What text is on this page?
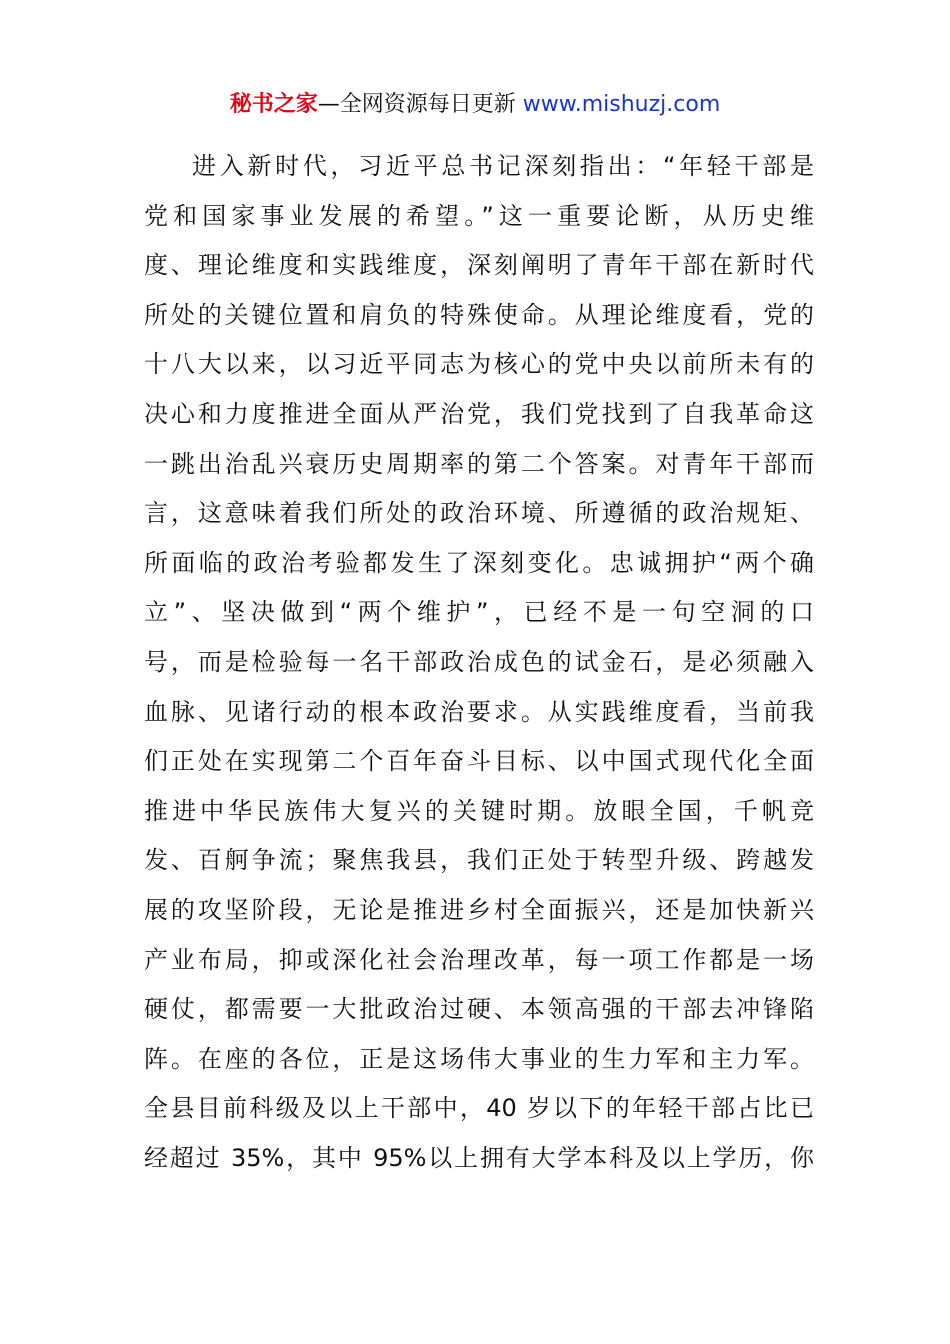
秘书之家—全网资源每日更新 www.mishuzj.com
进入新时代，习近平总书记深刻指出：“年轻干部是
党和国家事业发展的希望。”这一重要论断，从历史维
度、理论维度和实践维度，深刻阐明了青年干部在新时代
所处的关键位置和肩负的特殊使命。从理论维度看，党的
十八大以来，以习近平同志为核心的党中央以前所未有的
决心和力度推进全面从严治党，我们党找到了自我革命这
一跳出治乱兴衰历史周期率的第二个答案。对青年干部而
言，这意味着我们所处的政治环境、所遵循的政治规矩、
所面临的政治考验都发生了深刻变化。忠诚拥护“两个确
立”、坚决做到“两个维护”，已经不是一句空洞的口
号，而是检验每一名干部政治成色的试金石，是必须融入
血脉、见诸行动的根本政治要求。从实践维度看，当前我
们正处在实现第二个百年奋斗目标、以中国式现代化全面
推进中华民族伟大复兴的关键时期。放眼全国，千帆竞
发、百舸争流；聚焦我县，我们正处于转型升级、跨越发
展的攻坚阶段，无论是推进乡村全面振兴，还是加快新兴
产业布局，抑或深化社会治理改革，每一项工作都是一场
硬仗，都需要一大批政治过硬、本领高强的干部去冲锋陷
阵。在座的各位，正是这场伟大事业的生力军和主力军。
全县目前科级及以上干部中，40 岁以下的年轻干部占比已
经超过 35%，其中 95%以上拥有大学本科及以上学历，你
